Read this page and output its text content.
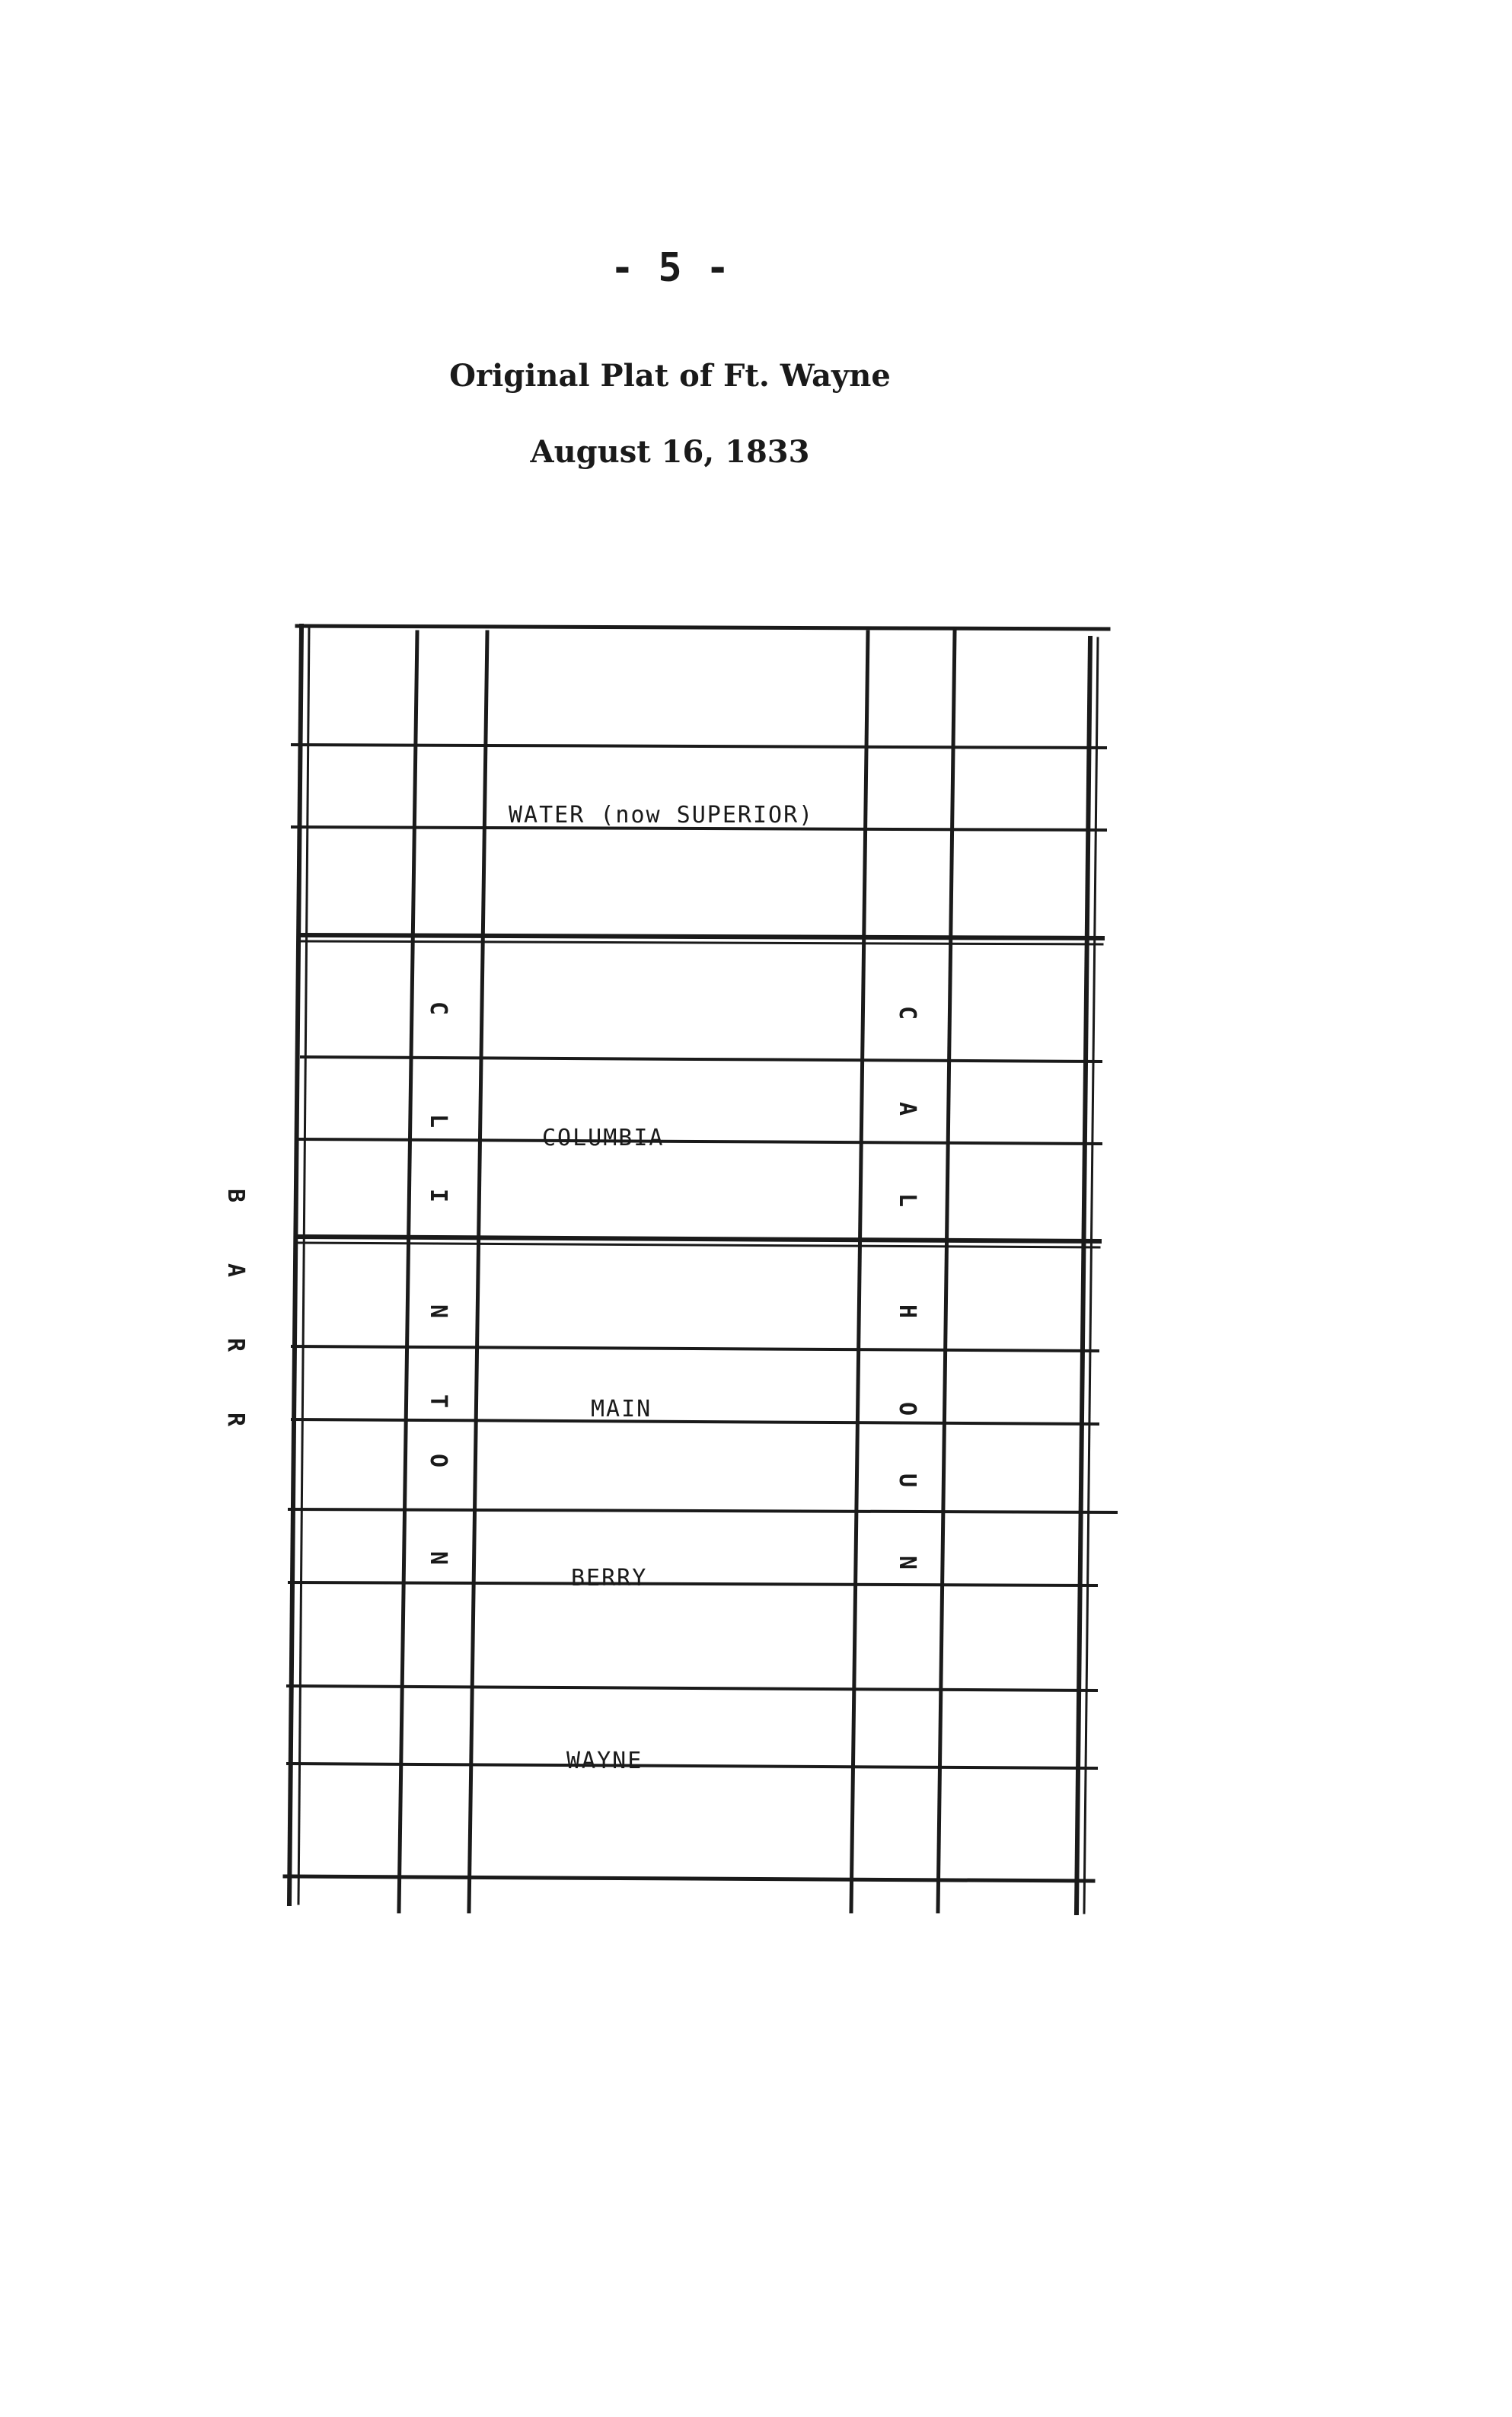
- 5 -
Original Plat of Ft. Wayne
August 16, 1833
WATER (now SUPERIOR)
COLUMBIA
MAIN
BERRY
WAYNE
B
A
R
R
C
L
I
N
T
O
N
C
A
L
H
O
U
N
